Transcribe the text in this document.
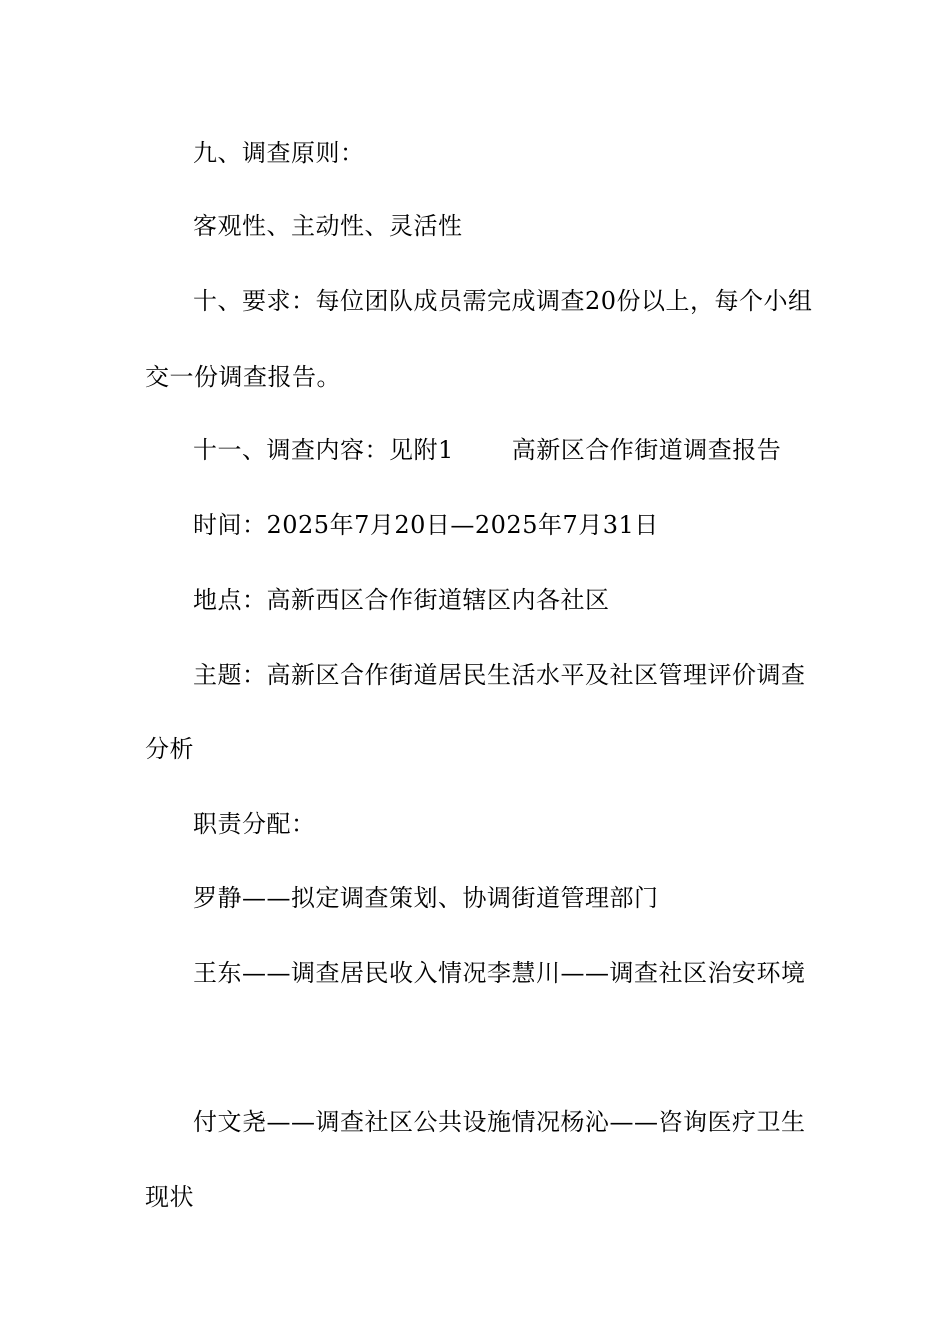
九、调查原则：
客观性、主动性、灵活性
十、要求：每位团队成员需完成调查20份以上，每个小组
交一份调查报告。
十一、调查内容：见附1 高新区合作街道调查报告
时间：2025年7月20日—2025年7月31日
地点：高新西区合作街道辖区内各社区
主题：高新区合作街道居民生活水平及社区管理评价调查
分析
职责分配：
罗静——拟定调查策划、协调街道管理部门
王东——调查居民收入情况李慧川——调查社区治安环境
付文尧——调查社区公共设施情况杨沁——咨询医疗卫生
现状
